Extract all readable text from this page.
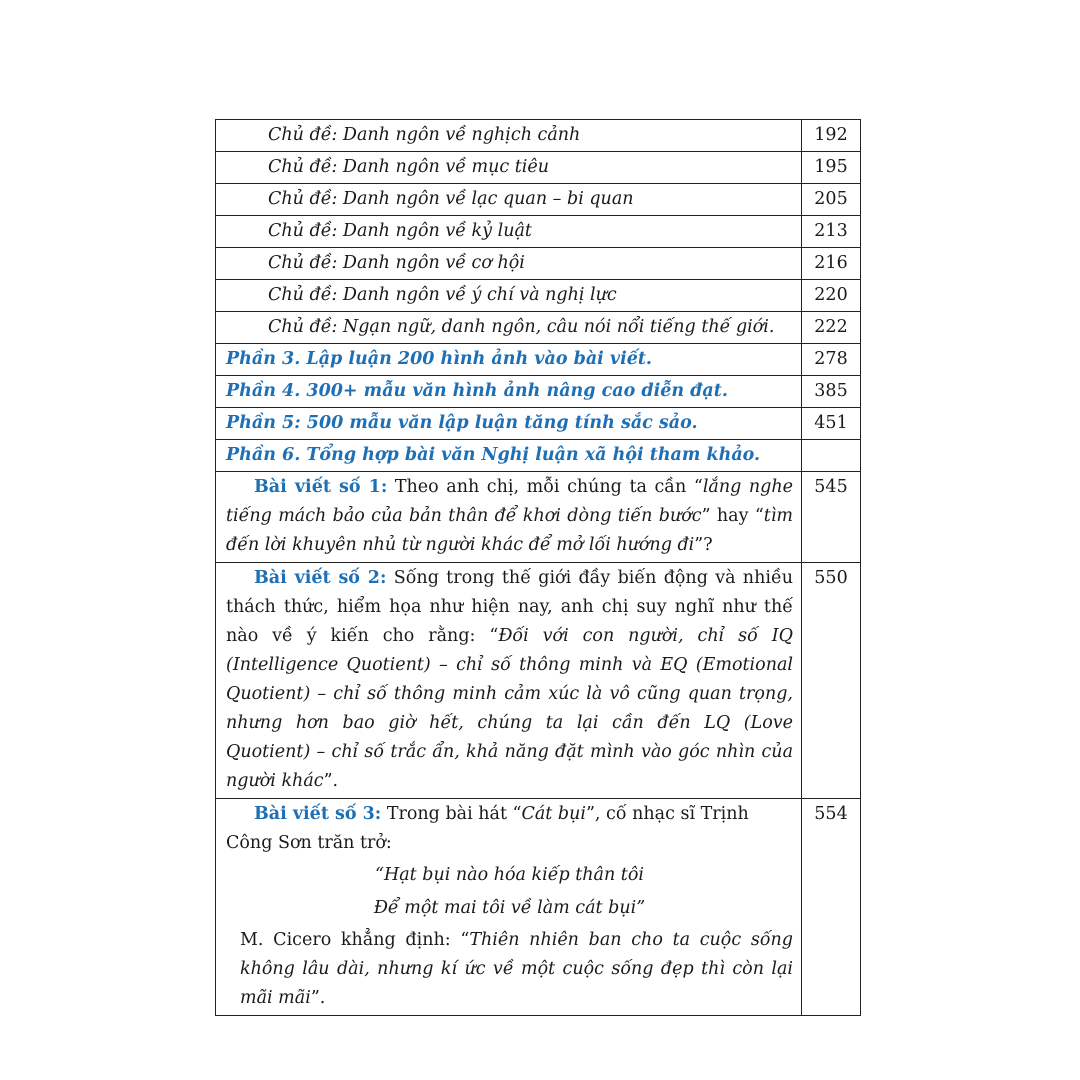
Chủ đề: Danh ngôn về nghịch cảnh	192
Chủ đề: Danh ngôn về mục tiêu	195
Chủ đề: Danh ngôn về lạc quan – bi quan	205
Chủ đề: Danh ngôn về kỷ luật	213
Chủ đề: Danh ngôn về cơ hội	216
Chủ đề: Danh ngôn về ý chí và nghị lực	220
Chủ đề: Ngạn ngữ, danh ngôn, câu nói nổi tiếng thế giới.	222
Phần 3. Lập luận 200 hình ảnh vào bài viết.	278
Phần 4. 300+ mẫu văn hình ảnh nâng cao diễn đạt.	385
Phần 5: 500 mẫu văn lập luận tăng tính sắc sảo.	451
Phần 6. Tổng hợp bài văn Nghị luận xã hội tham khảo.	
Bài viết số 1: Theo anh chị, mỗi chúng ta cần “lắng nghe tiếng mách bảo của bản thân để khơi dòng tiến bước” hay “tìm đến lời khuyên nhủ từ người khác để mở lối hướng đi”?	545
Bài viết số 2: Sống trong thế giới đầy biến động và nhiều thách thức, hiểm họa như hiện nay, anh chị suy nghĩ như thế nào về ý kiến cho rằng: “Đối với con người, chỉ số IQ (Intelligence Quotient) – chỉ số thông minh và EQ (Emotional Quotient) – chỉ số thông minh cảm xúc là vô cũng quan trọng, nhưng hơn bao giờ hết, chúng ta lại cần đến LQ (Love Quotient) – chỉ số trắc ẩn, khả năng đặt mình vào góc nhìn của người khác”.	550

Bài viết số 3: Trong bài hát “Cát bụi”, cố nhạc sĩ Trịnh Công Sơn trăn trở:
“Hạt bụi nào hóa kiếp thân tôi
Để một mai tôi về làm cát bụi”
M. Cicero khẳng định: “Thiên nhiên ban cho ta cuộc sống không lâu dài, nhưng kí ức về một cuộc sống đẹp thì còn lại mãi mãi”.	554
